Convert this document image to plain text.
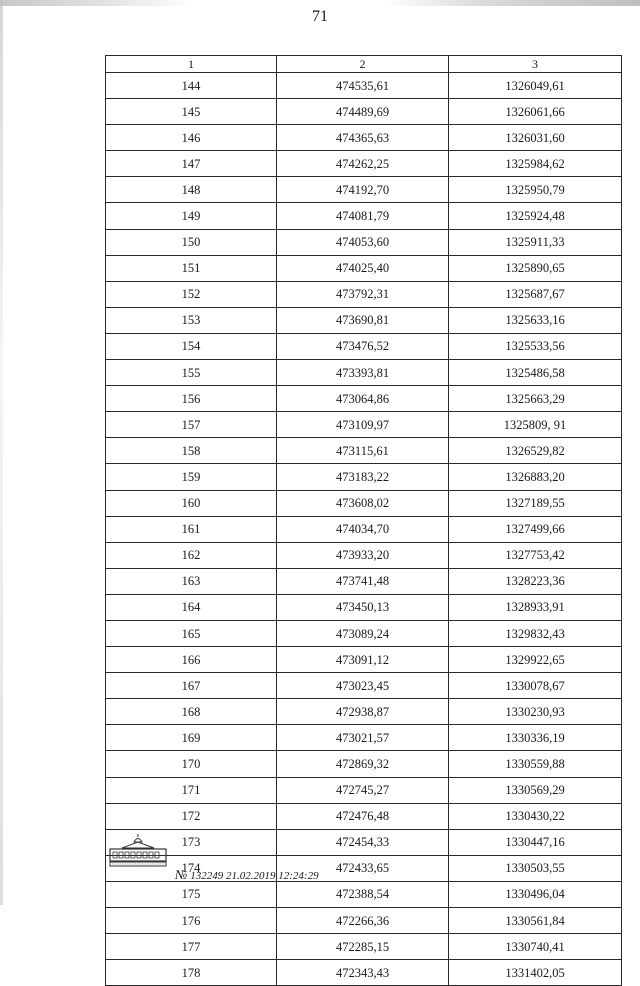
71
1	2	3
144	474535,61	1326049,61
145	474489,69	1326061,66
146	474365,63	1326031,60
147	474262,25	1325984,62
148	474192,70	1325950,79
149	474081,79	1325924,48
150	474053,60	1325911,33
151	474025,40	1325890,65
152	473792,31	1325687,67
153	473690,81	1325633,16
154	473476,52	1325533,56
155	473393,81	1325486,58
156	473064,86	1325663,29
157	473109,97	1325809, 91
158	473115,61	1326529,82
159	473183,22	1326883,20
160	473608,02	1327189,55
161	474034,70	1327499,66
162	473933,20	1327753,42
163	473741,48	1328223,36
164	473450,13	1328933,91
165	473089,24	1329832,43
166	473091,12	1329922,65
167	473023,45	1330078,67
168	472938,87	1330230,93
169	473021,57	1330336,19
170	472869,32	1330559,88
171	472745,27	1330569,29
172	472476,48	1330430,22
173	472454,33	1330447,16
174	472433,65	1330503,55
175	472388,54	1330496,04
176	472266,36	1330561,84
177	472285,15	1330740,41
178	472343,43	1331402,05
№ 132249 21.02.2019 12:24:29
